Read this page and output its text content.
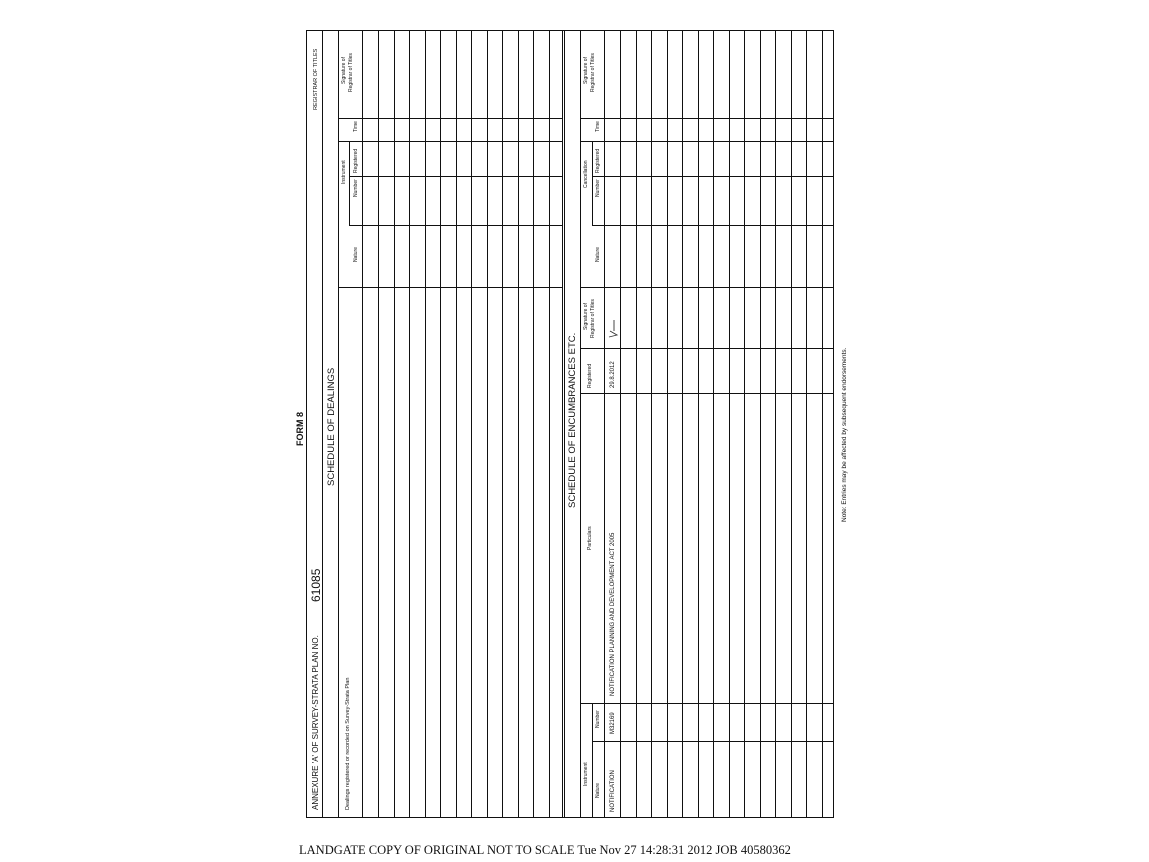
FORM 8
ANNEXURE 'A' OF SURVEY-STRATA PLAN NO.
61085
REGISTRAR OF TITLES
SCHEDULE OF DEALINGS
Dealings registered or recorded on Survey-Strata Plan
Instrument
Nature
Number
Registered
Time
Signature of Registrar of Titles
SCHEDULE OF ENCUMBRANCES ETC.
Instrument
Nature
Number
Particulars
Registered
Signature of Registrar of Titles
Cancellation
Nature
Number
Registered
Time
Signature of Registrar of Titles
NOTIFICATION
M32169
NOTIFICATION PLANNING AND DEVELOPMENT ACT 2005
29.8.2012	Note: Entries may be affected by subsequent endorsements.
LANDGATE COPY OF ORIGINAL NOT TO SCALE Tue Nov 27 14:28:31 2012 JOB 40580362
